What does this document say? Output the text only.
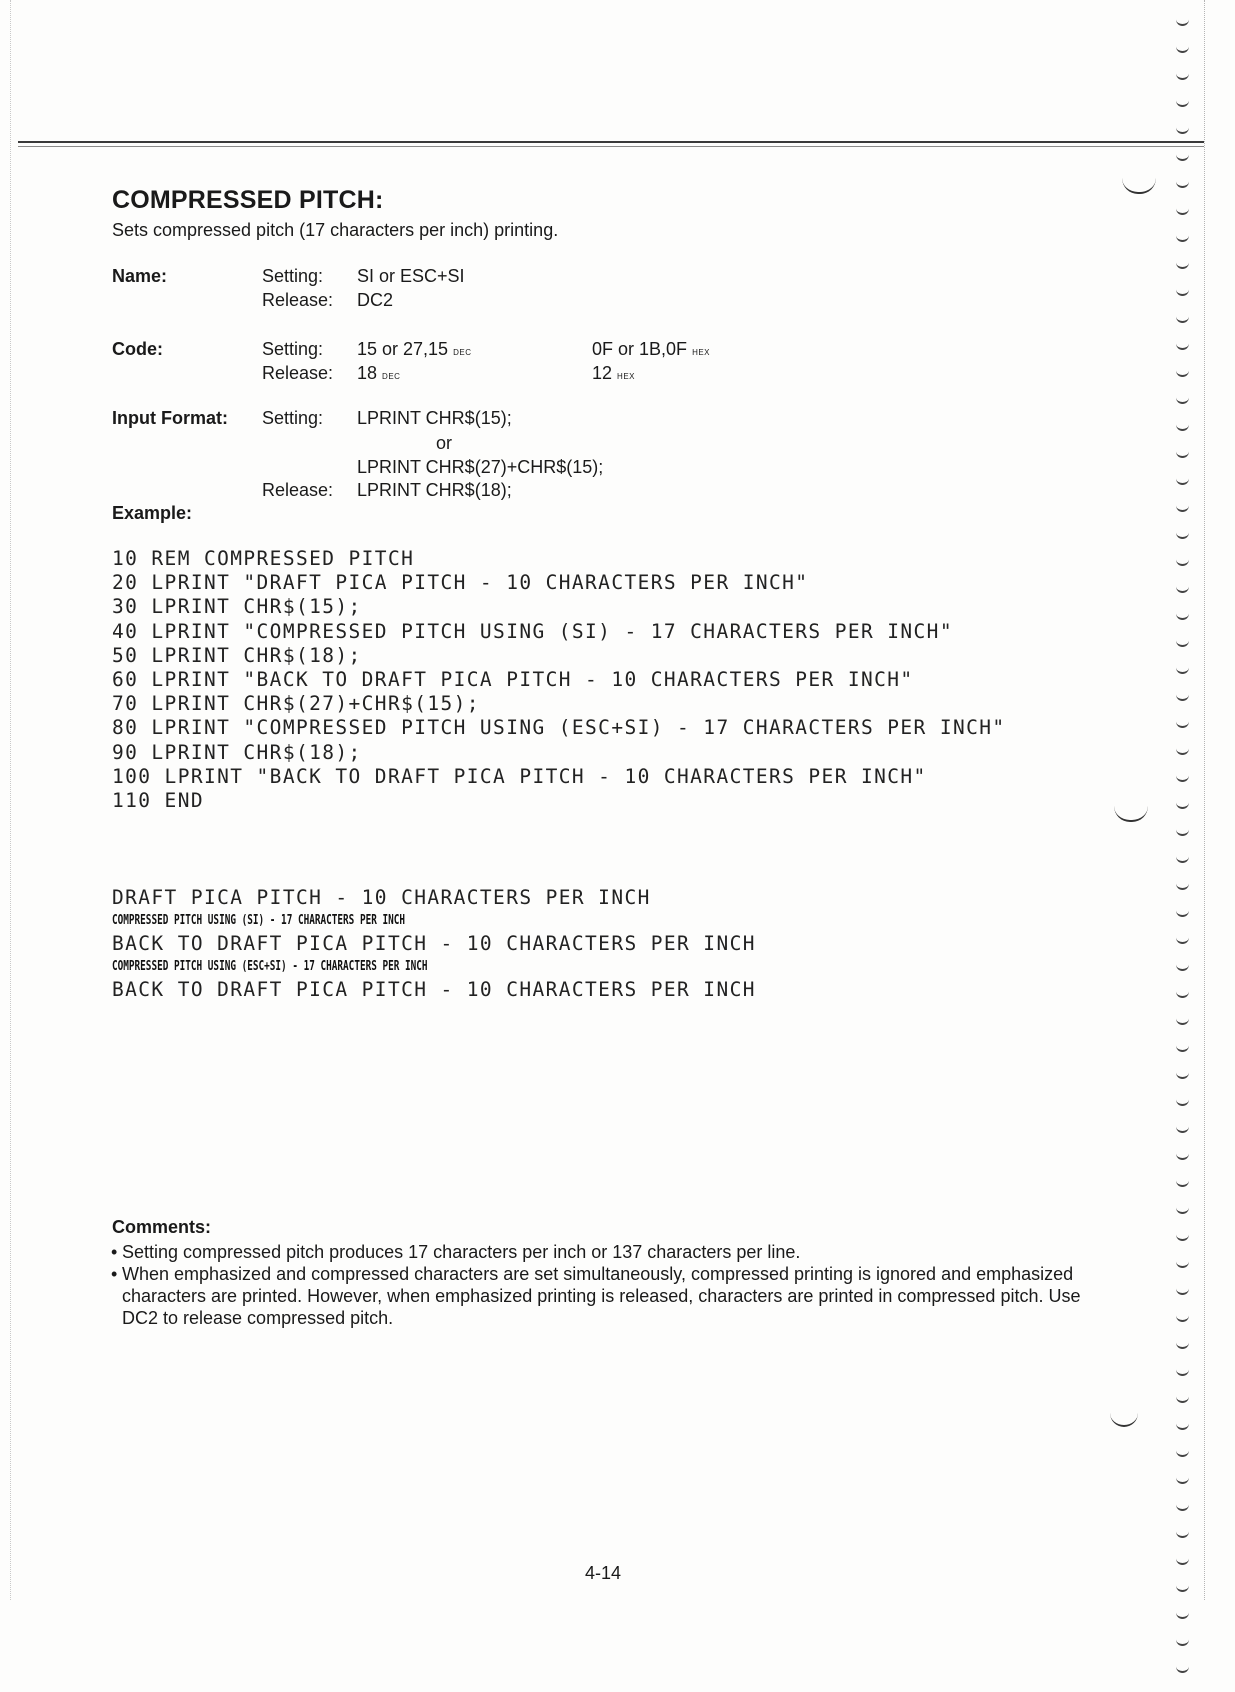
COMPRESSED PITCH:
Sets compressed pitch (17 characters per inch) printing.
Name:	Setting: SI or ESC+SI
Release: DC2
Code:	Setting: 15 or 27,15 DEC	0F or 1B,0F HEX
Release: 18 DEC	12 HEX
Input Format: Setting: LPRINT CHR$(15);
or
LPRINT CHR$(27)+CHR$(15);
Release: LPRINT CHR$(18);
Example:
10 REM COMPRESSED PITCH
20 LPRINT "DRAFT PICA PITCH - 10 CHARACTERS PER INCH"
30 LPRINT CHR$(15);
40 LPRINT "COMPRESSED PITCH USING (SI) - 17 CHARACTERS PER INCH"
50 LPRINT CHR$(18);
60 LPRINT "BACK TO DRAFT PICA PITCH - 10 CHARACTERS PER INCH"
70 LPRINT CHR$(27)+CHR$(15);
80 LPRINT "COMPRESSED PITCH USING (ESC+SI) - 17 CHARACTERS PER INCH"
90 LPRINT CHR$(18);
100 LPRINT "BACK TO DRAFT PICA PITCH - 10 CHARACTERS PER INCH"
110 END
DRAFT PICA PITCH - 10 CHARACTERS PER INCH
COMPRESSED PITCH USING (SI) - 17 CHARACTERS PER INCH
BACK TO DRAFT PICA PITCH - 10 CHARACTERS PER INCH
COMPRESSED PITCH USING (ESC+SI) - 17 CHARACTERS PER INCH
BACK TO DRAFT PICA PITCH - 10 CHARACTERS PER INCH
Comments:
• Setting compressed pitch produces 17 characters per inch or 137 characters per line.
• When emphasized and compressed characters are set simultaneously, compressed printing is ignored and emphasized characters are printed. However, when emphasized printing is released, characters are printed in compressed pitch. Use DC2 to release compressed pitch.
4-14
